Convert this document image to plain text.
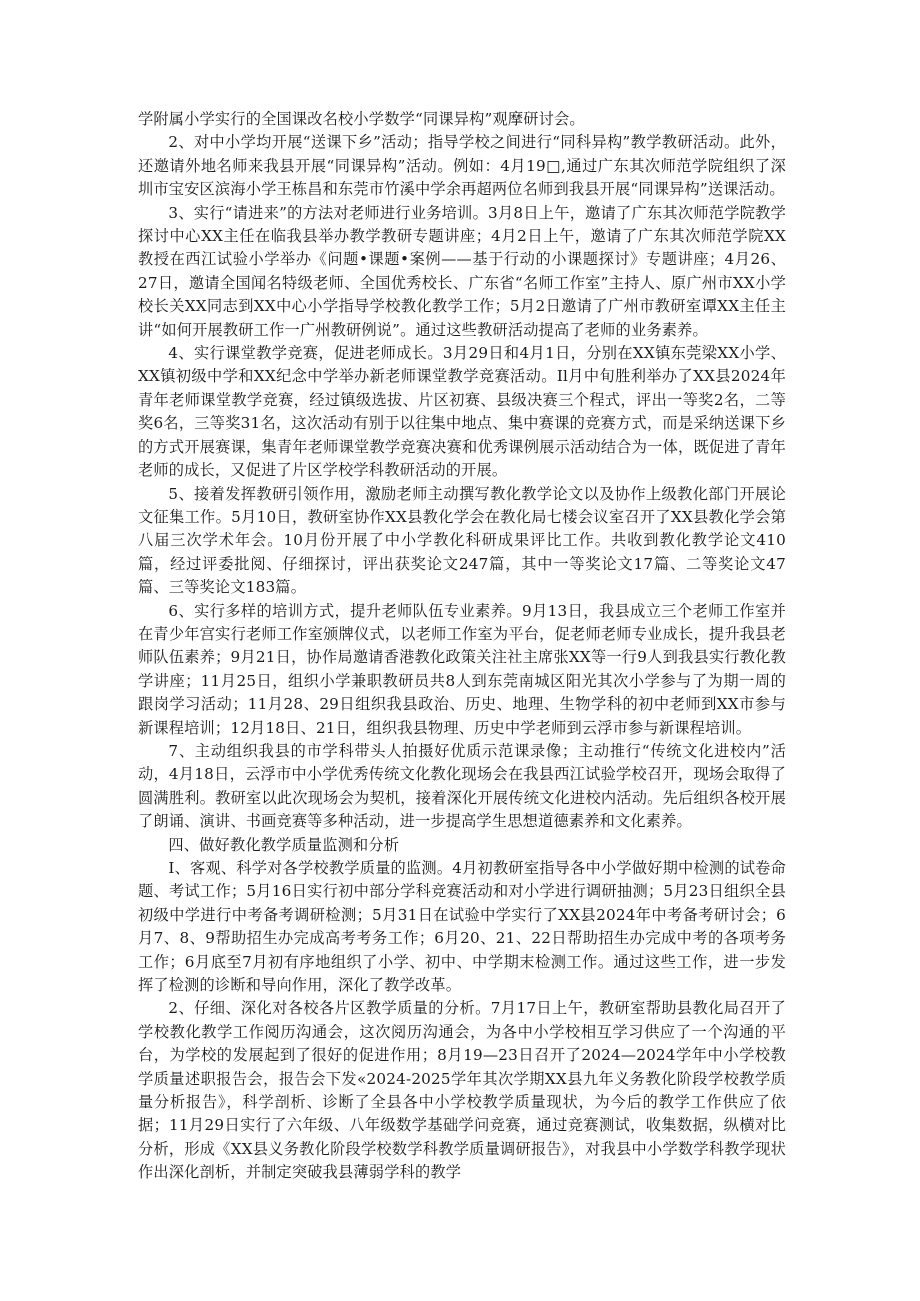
学附属小学实行的全国课改名校小学数学“同课异构”观摩研讨会。

2、对中小学均开展“送课下乡”活动；指导学校之间进行“同科异构”教学教研活动。此外，还邀请外地名师来我县开展“同课异构”活动。例如：4月19□,通过广东其次师范学院组织了深圳市宝安区滨海小学王栋昌和东莞市竹溪中学余再超两位名师到我县开展“同课异构”送课活动。

3、实行“请进来”的方法对老师进行业务培训。3月8日上午，邀请了广东其次师范学院教学探讨中心XX主任在临我县举办教学教研专题讲座；4月2日上午，邀请了广东其次师范学院XX教授在西江试验小学举办《问题•课题•案例——基于行动的小课题探讨》专题讲座；4月26、27日，邀请全国闻名特级老师、全国优秀校长、广东省“名师工作室”主持人、原广州市XX小学校长关XX同志到XX中心小学指导学校教化教学工作；5月2日邀请了广州市教研室谭XX主任主讲“如何开展教研工作一广州教研例说”。通过这些教研活动提高了老师的业务素养。

4、实行课堂教学竞赛，促进老师成长。3月29日和4月1日，分别在XX镇东莞梁XX小学、XX镇初级中学和XX纪念中学举办新老师课堂教学竞赛活动。Il月中旬胜利举办了XX县2024年青年老师课堂教学竞赛，经过镇级选拔、片区初赛、县级决赛三个程式，评出一等奖2名，二等奖6名，三等奖31名，这次活动有别于以往集中地点、集中赛课的竞赛方式，而是采纳送课下乡的方式开展赛课，集青年老师课堂教学竞赛决赛和优秀课例展示活动结合为一体，既促进了青年老师的成长，又促进了片区学校学科教研活动的开展。

5、接着发挥教研引领作用，激励老师主动撰写教化教学论文以及协作上级教化部门开展论文征集工作。5月10日，教研室协作XX县教化学会在教化局七楼会议室召开了XX县教化学会第八届三次学术年会。10月份开展了中小学教化科研成果评比工作。共收到教化教学论文410篇，经过评委批阅、仔细探讨，评出获奖论文247篇，其中一等奖论文17篇、二等奖论文47篇、三等奖论文183篇。

6、实行多样的培训方式，提升老师队伍专业素养。9月13日，我县成立三个老师工作室并在青少年宫实行老师工作室颁牌仪式，以老师工作室为平台，促老师老师专业成长，提升我县老师队伍素养；9月21日，协作局邀请香港教化政策关注社主席张XX等一行9人到我县实行教化教学讲座；11月25日，组织小学兼职教研员共8人到东莞南城区阳光其次小学参与了为期一周的跟岗学习活动；11月28、29日组织我县政治、历史、地理、生物学科的初中老师到XX市参与新课程培训；12月18日、21日，组织我县物理、历史中学老师到云浮市参与新课程培训。

7、主动组织我县的市学科带头人拍摄好优质示范课录像；主动推行“传统文化进校内”活动，4月18日，云浮市中小学优秀传统文化教化现场会在我县西江试验学校召开，现场会取得了圆满胜利。教研室以此次现场会为契机，接着深化开展传统文化进校内活动。先后组织各校开展了朗诵、演讲、书画竞赛等多种活动，进一步提高学生思想道德素养和文化素养。

四、做好教化教学质量监测和分析

I、客观、科学对各学校教学质量的监测。4月初教研室指导各中小学做好期中检测的试卷命题、考试工作；5月16日实行初中部分学科竞赛活动和对小学进行调研抽测；5月23日组织全县初级中学进行中考备考调研检测；5月31日在试验中学实行了XX县2024年中考备考研讨会；6月7、8、9帮助招生办完成高考考务工作；6月20、21、22日帮助招生办完成中考的各项考务工作；6月底至7月初有序地组织了小学、初中、中学期末检测工作。通过这些工作，进一步发挥了检测的诊断和导向作用，深化了教学改革。

2、仔细、深化对各校各片区教学质量的分析。7月17日上午，教研室帮助县教化局召开了学校教化教学工作阅历沟通会，这次阅历沟通会，为各中小学校相互学习供应了一个沟通的平台，为学校的发展起到了很好的促进作用；8月19—23日召开了2024—2024学年中小学校教学质量述职报告会，报告会下发«2024-2025学年其次学期XX县九年义务教化阶段学校教学质量分析报告》，科学剖析、诊断了全县各中小学校教学质量现状，为今后的教学工作供应了依据；11月29日实行了六年级、八年级数学基础学问竞赛，通过竞赛测试，收集数据，纵横对比分析，形成《XX县义务教化阶段学校数学科教学质量调研报告》，对我县中小学数学科教学现状作出深化剖析，并制定突破我县薄弱学科的教学
